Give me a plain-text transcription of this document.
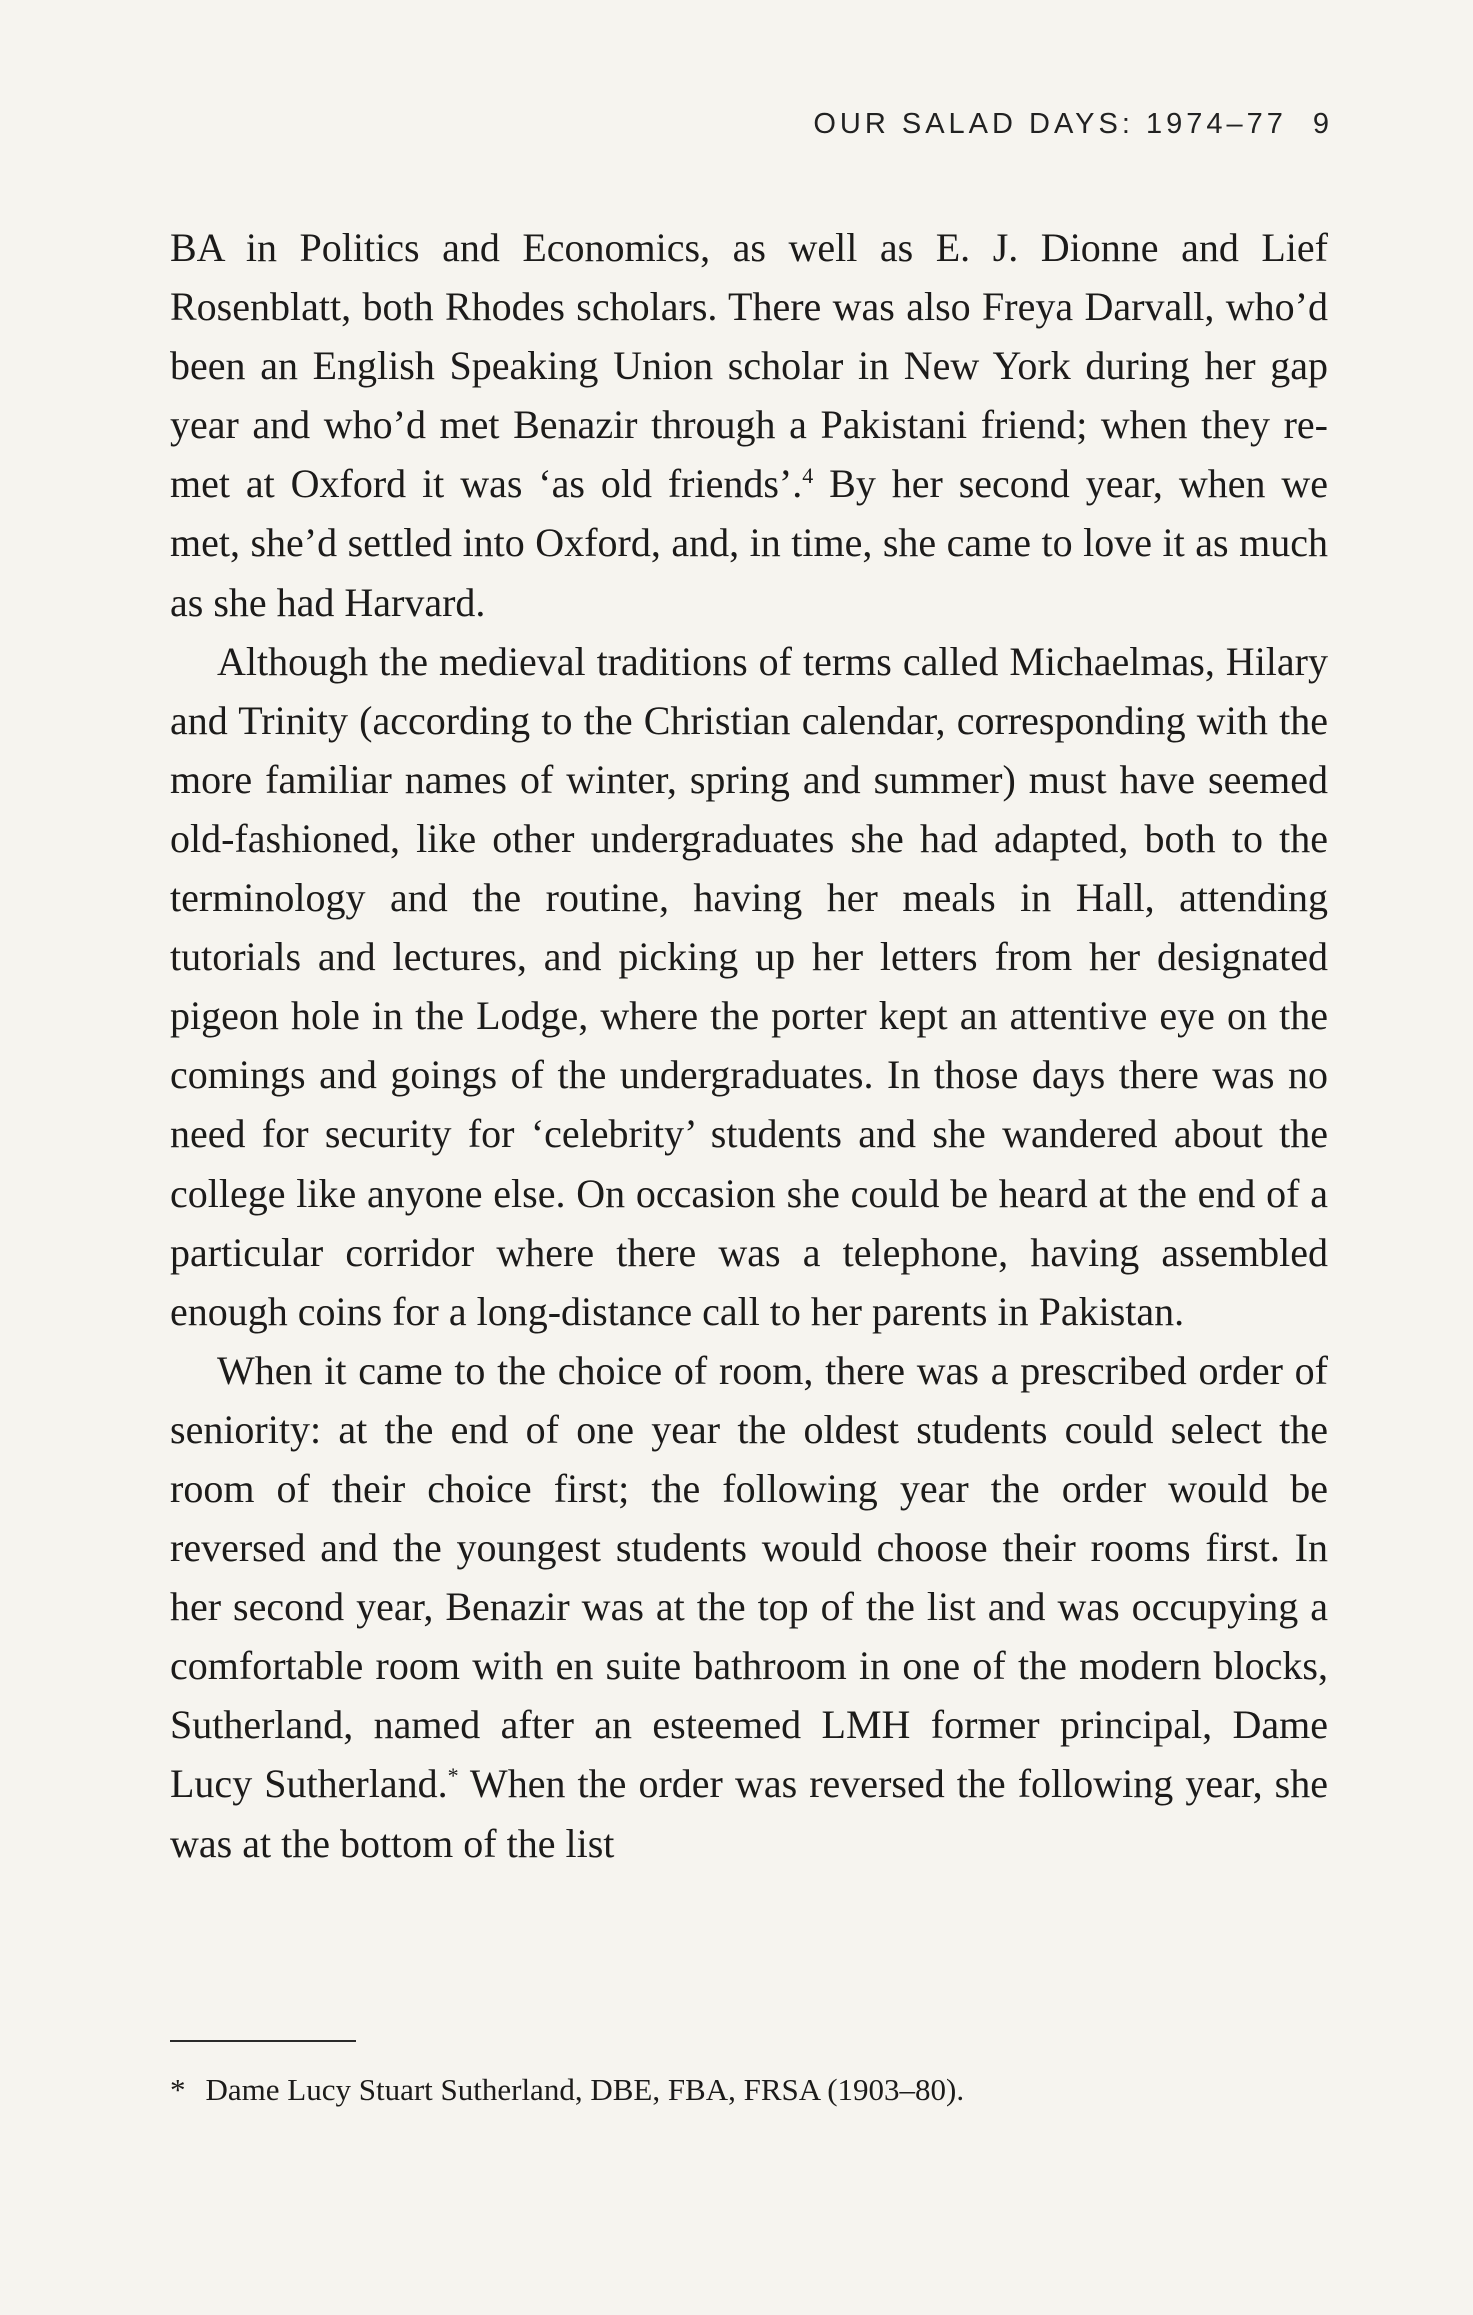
OUR SALAD DAYS: 1974–77 9

BA in Politics and Economics, as well as E. J. Dionne and Lief Rosenblatt, both Rhodes scholars. There was also Freya Darvall, who’d been an English Speaking Union scholar in New York during her gap year and who’d met Benazir through a Pakistani friend; when they re-met at Oxford it was ‘as old friends’.$^4$ By her second year, when we met, she’d settled into Oxford, and, in time, she came to love it as much as she had Harvard.

Although the medieval traditions of terms called Michaelmas, Hilary and Trinity (according to the Christian calendar, corresponding with the more familiar names of winter, spring and summer) must have seemed old-fashioned, like other undergraduates she had adapted, both to the terminology and the routine, having her meals in Hall, attending tutorials and lectures, and picking up her letters from her designated pigeon hole in the Lodge, where the porter kept an attentive eye on the comings and goings of the undergraduates. In those days there was no need for security for ‘celebrity’ students and she wandered about the college like anyone else. On occasion she could be heard at the end of a particular corridor where there was a telephone, having assembled enough coins for a long-distance call to her parents in Pakistan.

When it came to the choice of room, there was a prescribed order of seniority: at the end of one year the oldest students could select the room of their choice first; the following year the order would be reversed and the youngest students would choose their rooms first. In her second year, Benazir was at the top of the list and was occupying a comfortable room with en suite bathroom in one of the modern blocks, Sutherland, named after an esteemed LMH former principal, Dame Lucy Sutherland.* When the order was reversed the following year, she was at the bottom of the list

* Dame Lucy Stuart Sutherland, DBE, FBA, FRSA (1903–80).
